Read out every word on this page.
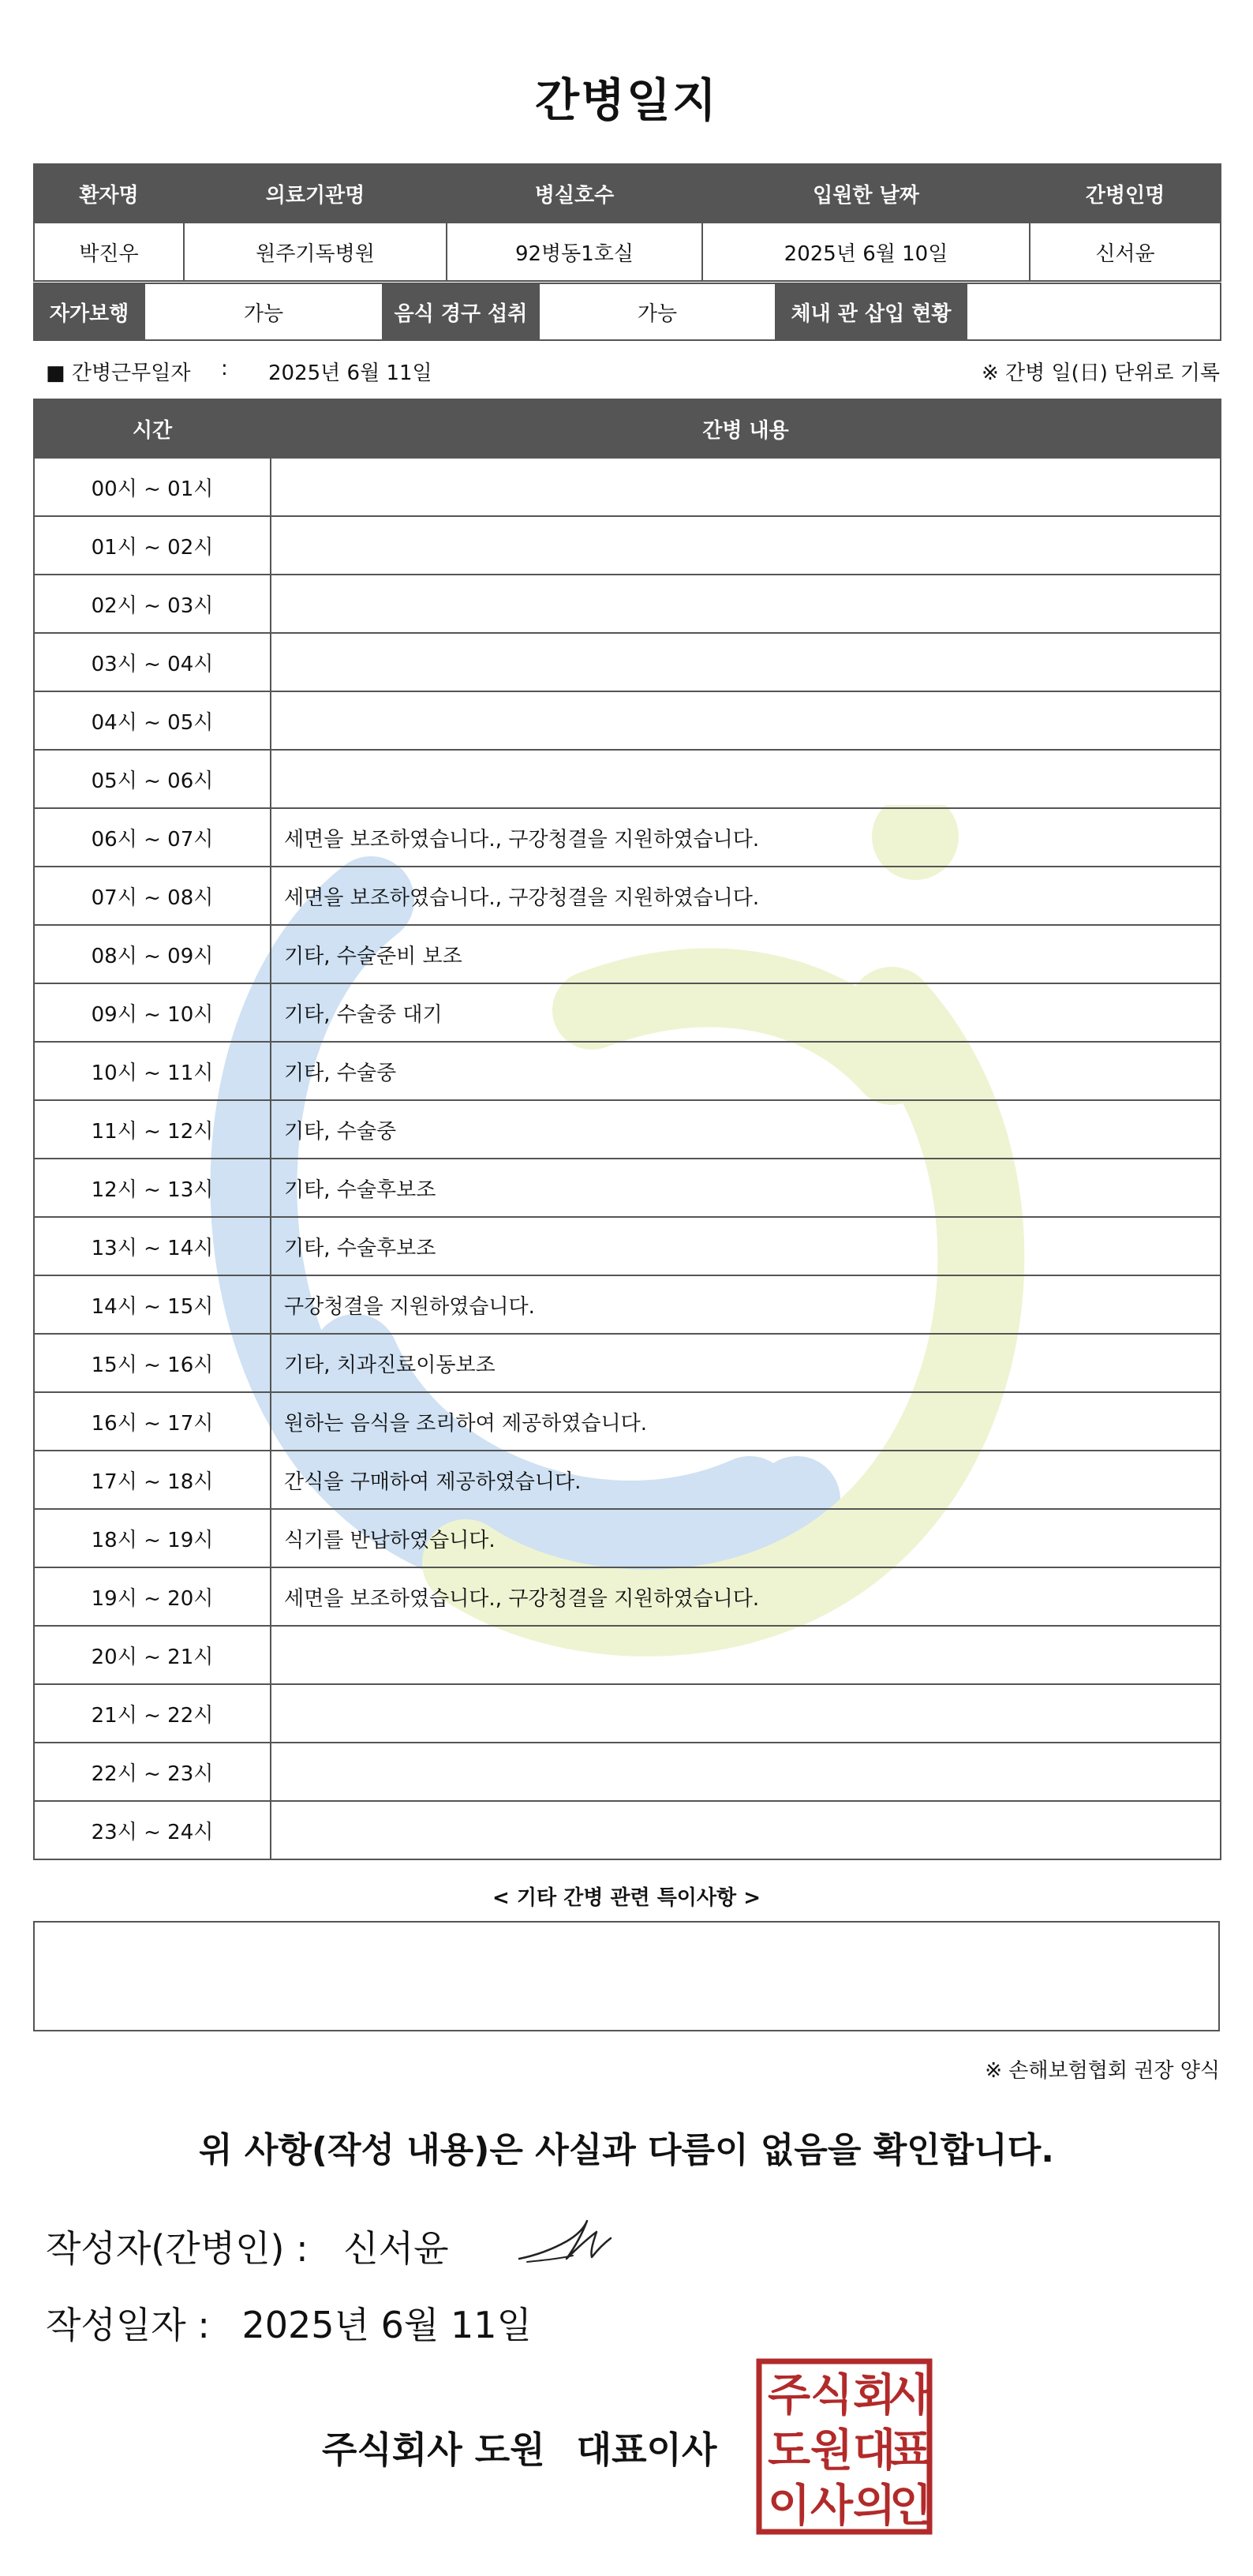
간병일지
환자명	의료기관명	병실호수	입원한 날짜	간병인명
박진우	원주기독병원	92병동1호실	2025년 6월 10일	신서윤
자가보행	가능	음식 경구 섭취	가능	체내 관 삽입 현황	
■ 간병근무일자 : 2025년 6월 11일	※ 간병 일(日) 단위로 기록
시간	간병 내용
00시 ~ 01시	
01시 ~ 02시	
02시 ~ 03시	
03시 ~ 04시	
04시 ~ 05시	
05시 ~ 06시	
06시 ~ 07시	세면을 보조하였습니다., 구강청결을 지원하였습니다.
07시 ~ 08시	세면을 보조하였습니다., 구강청결을 지원하였습니다.
08시 ~ 09시	기타, 수술준비 보조
09시 ~ 10시	기타, 수술중 대기
10시 ~ 11시	기타, 수술중
11시 ~ 12시	기타, 수술중
12시 ~ 13시	기타, 수술후보조
13시 ~ 14시	기타, 수술후보조
14시 ~ 15시	구강청결을 지원하였습니다.
15시 ~ 16시	기타, 치과진료이동보조
16시 ~ 17시	원하는 음식을 조리하여 제공하였습니다.
17시 ~ 18시	간식을 구매하여 제공하였습니다.
18시 ~ 19시	식기를 반납하였습니다.
19시 ~ 20시	세면을 보조하였습니다., 구강청결을 지원하였습니다.
20시 ~ 21시	
21시 ~ 22시	
22시 ~ 23시	
23시 ~ 24시	
< 기타 간병 관련 특이사항 >
※ 손해보험협회 권장 양식
위 사항(작성 내용)은 사실과 다름이 없음을 확인합니다.
작성자(간병인) : 신서윤
작성일자 : 2025년 6월 11일
주식회사 도원 대표이사
주 식 회
사
도 원 대
표
이 사 의
인
